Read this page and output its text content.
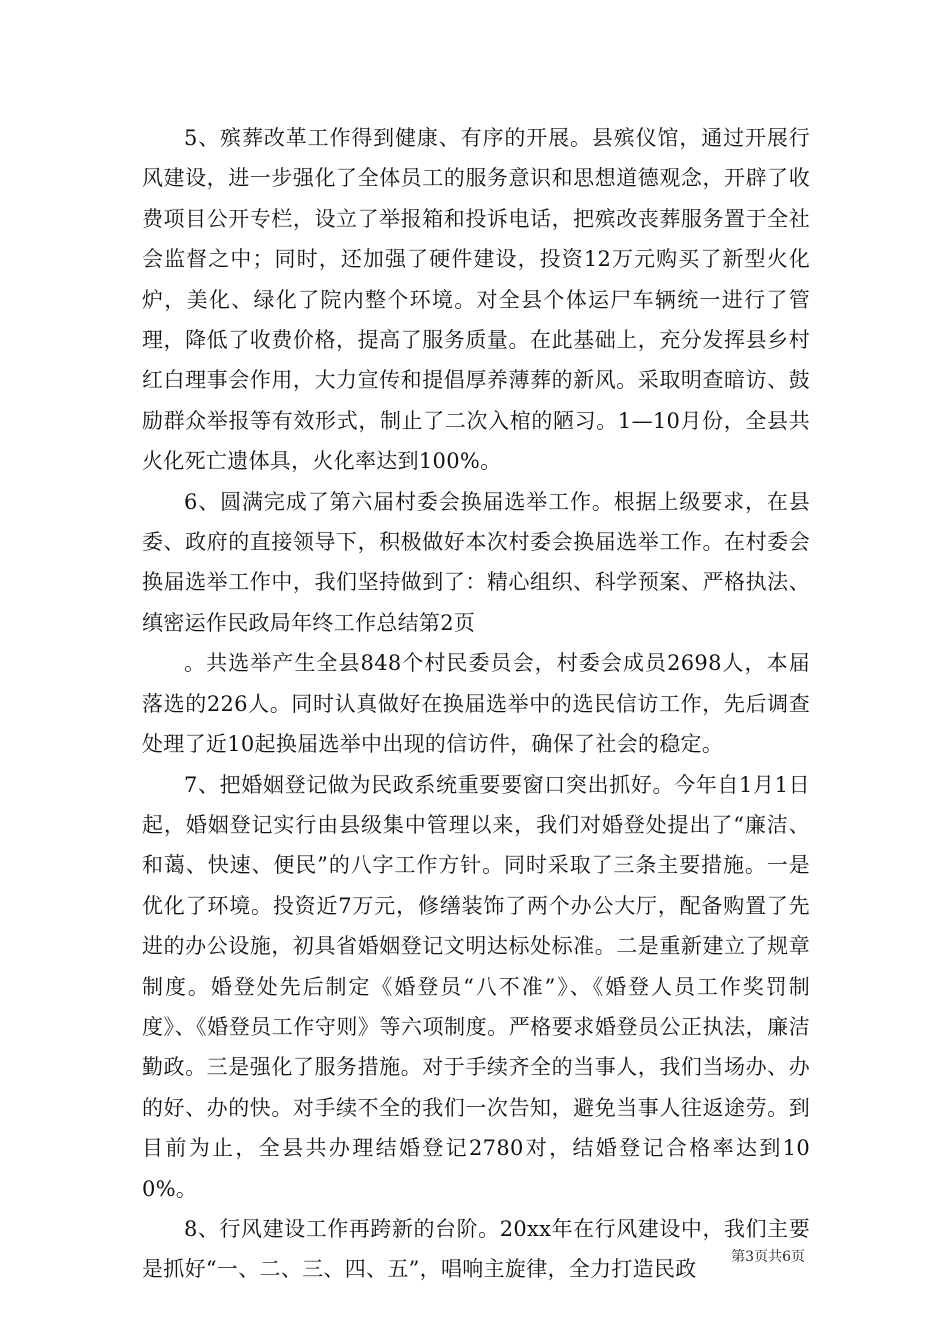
5、殡葬改革工作得到健康、有序的开展。县殡仪馆，通过开展行风建设，进一步强化了全体员工的服务意识和思想道德观念，开辟了收费项目公开专栏，设立了举报箱和投诉电话，把殡改丧葬服务置于全社会监督之中；同时，还加强了硬件建设，投资12万元购买了新型火化炉，美化、绿化了院内整个环境。对全县个体运尸车辆统一进行了管理，降低了收费价格，提高了服务质量。在此基础上，充分发挥县乡村红白理事会作用，大力宣传和提倡厚养薄葬的新风。采取明查暗访、鼓励群众举报等有效形式，制止了二次入棺的陋习。1—10月份，全县共火化死亡遗体具，火化率达到100%。

6、圆满完成了第六届村委会换届选举工作。根据上级要求，在县委、政府的直接领导下，积极做好本次村委会换届选举工作。在村委会换届选举工作中，我们坚持做到了：精心组织、科学预案、严格执法、缜密运作民政局年终工作总结第2页

。共选举产生全县848个村民委员会，村委会成员2698人，本届落选的226人。同时认真做好在换届选举中的选民信访工作，先后调查处理了近10起换届选举中出现的信访件，确保了社会的稳定。

7、把婚姻登记做为民政系统重要要窗口突出抓好。今年自1月1日起，婚姻登记实行由县级集中管理以来，我们对婚登处提出了“廉洁、和蔼、快速、便民”的八字工作方针。同时采取了三条主要措施。一是优化了环境。投资近7万元，修缮装饰了两个办公大厅，配备购置了先进的办公设施，初具省婚姻登记文明达标处标准。二是重新建立了规章制度。婚登处先后制定《婚登员“八不准”》、《婚登人员工作奖罚制度》、《婚登员工作守则》等六项制度。严格要求婚登员公正执法，廉洁勤政。三是强化了服务措施。对于手续齐全的当事人，我们当场办、办的好、办的快。对手续不全的我们一次告知，避免当事人往返途劳。到目前为止，全县共办理结婚登记2780对，结婚登记合格率达到100%。

8、行风建设工作再跨新的台阶。20xx年在行风建设中，我们主要是抓好“一、二、三、四、五”，唱响主旋律，全力打造民政

第3页共6页
